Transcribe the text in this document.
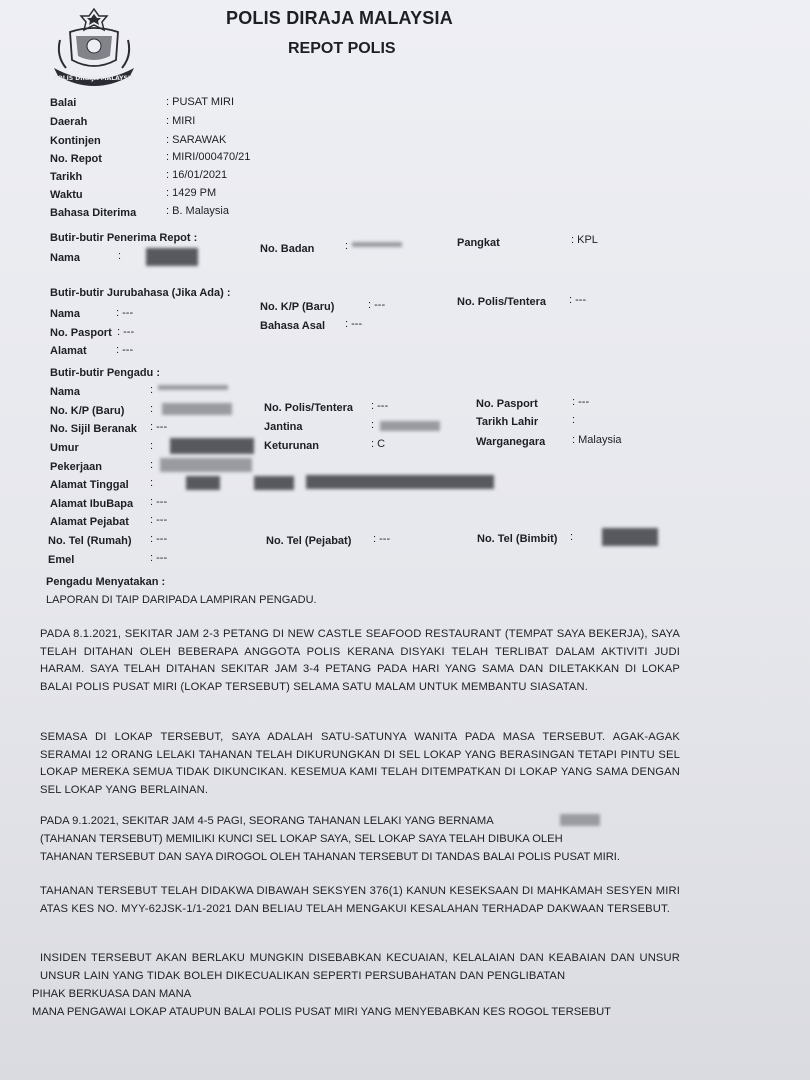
POLIS DIRAJA MALAYSIA
POLIS DIRAJA MALAYSIA
REPOT POLIS
Balai	: PUSAT MIRI
Daerah	: MIRI
Kontinjen	: SARAWAK
No. Repot	: MIRI/000470/21
Tarikh	: 16/01/2021
Waktu	: 1429 PM
Bahasa Diterima	: B. Malaysia
Butir-butir Penerima Repot :
Nama	:
No. Badan	:	Pangkat	: KPL
Butir-butir Jurubahasa (Jika Ada) :
Nama	: ---	No. K/P (Baru)	: ---	No. Polis/Tentera : ---
No. Pasport : ---	Bahasa Asal : ---
Alamat	: ---
Butir-butir Pengadu :
Nama	:
No. K/P (Baru) :	No. Polis/Tentera : ---	No. Pasport	: ---
No. Sijil Beranak : ---	Jantina	:	Tarikh Lahir	:
Umur	:	Keturunan	: C	Warganegara : Malaysia
Pekerjaan	:
Alamat Tinggal :
Alamat IbuBapa : ---
Alamat Pejabat : ---
No. Tel (Rumah) : ---	No. Tel (Pejabat) : ---	No. Tel (Bimbit) :
Emel	: ---
Pengadu Menyatakan :
LAPORAN DI TAIP DARIPADA LAMPIRAN PENGADU.

PADA 8.1.2021, SEKITAR JAM 2-3 PETANG DI NEW CASTLE SEAFOOD RESTAURANT (TEMPAT SAYA BEKERJA), SAYA TELAH DITAHAN OLEH BEBERAPA ANGGOTA POLIS KERANA DISYAKI TELAH TERLIBAT DALAM AKTIVITI JUDI HARAM. SAYA TELAH DITAHAN SEKITAR JAM 3-4 PETANG PADA HARI YANG SAMA DAN DILETAKKAN DI LOKAP BALAI POLIS PUSAT MIRI (LOKAP TERSEBUT) SELAMA SATU MALAM UNTUK MEMBANTU SIASATAN.

SEMASA DI LOKAP TERSEBUT, SAYA ADALAH SATU-SATUNYA WANITA PADA MASA TERSEBUT. AGAK-AGAK SERAMAI 12 ORANG LELAKI TAHANAN TELAH DIKURUNGKAN DI SEL LOKAP YANG BERASINGAN TETAPI PINTU SEL LOKAP MEREKA SEMUA TIDAK DIKUNCIKAN. KESEMUA KAMI TELAH DITEMPATKAN DI LOKAP YANG SAMA DENGAN SEL LOKAP YANG BERLAINAN.

PADA 9.1.2021, SEKITAR JAM 4-5 PAGI, SEORANG TAHANAN LELAKI YANG BERNAMA
(TAHANAN TERSEBUT) MEMILIKI KUNCI SEL LOKAP SAYA, SEL LOKAP SAYA TELAH DIBUKA OLEH
TAHANAN TERSEBUT DAN SAYA DIROGOL OLEH TAHANAN TERSEBUT DI TANDAS BALAI POLIS PUSAT MIRI.

TAHANAN TERSEBUT TELAH DIDAKWA DIBAWAH SEKSYEN 376(1) KANUN KESEKSAAN DI MAHKAMAH SESYEN MIRI ATAS KES NO. MYY-62JSK-1/1-2021 DAN BELIAU TELAH MENGAKUI KESALAHAN TERHADAP DAKWAAN TERSEBUT.

INSIDEN TERSEBUT AKAN BERLAKU MUNGKIN DISEBABKAN KECUAIAN, KELALAIAN DAN KEABAIAN DAN UNSUR UNSUR LAIN YANG TIDAK BOLEH DIKECUALIKAN SEPERTI PERSUBAHATAN DAN PENGLIBATAN

PIHAK BERKUASA DAN MANA
MANA PENGAWAI LOKAP ATAUPUN BALAI POLIS PUSAT MIRI YANG MENYEBABKAN KES ROGOL TERSEBUT
